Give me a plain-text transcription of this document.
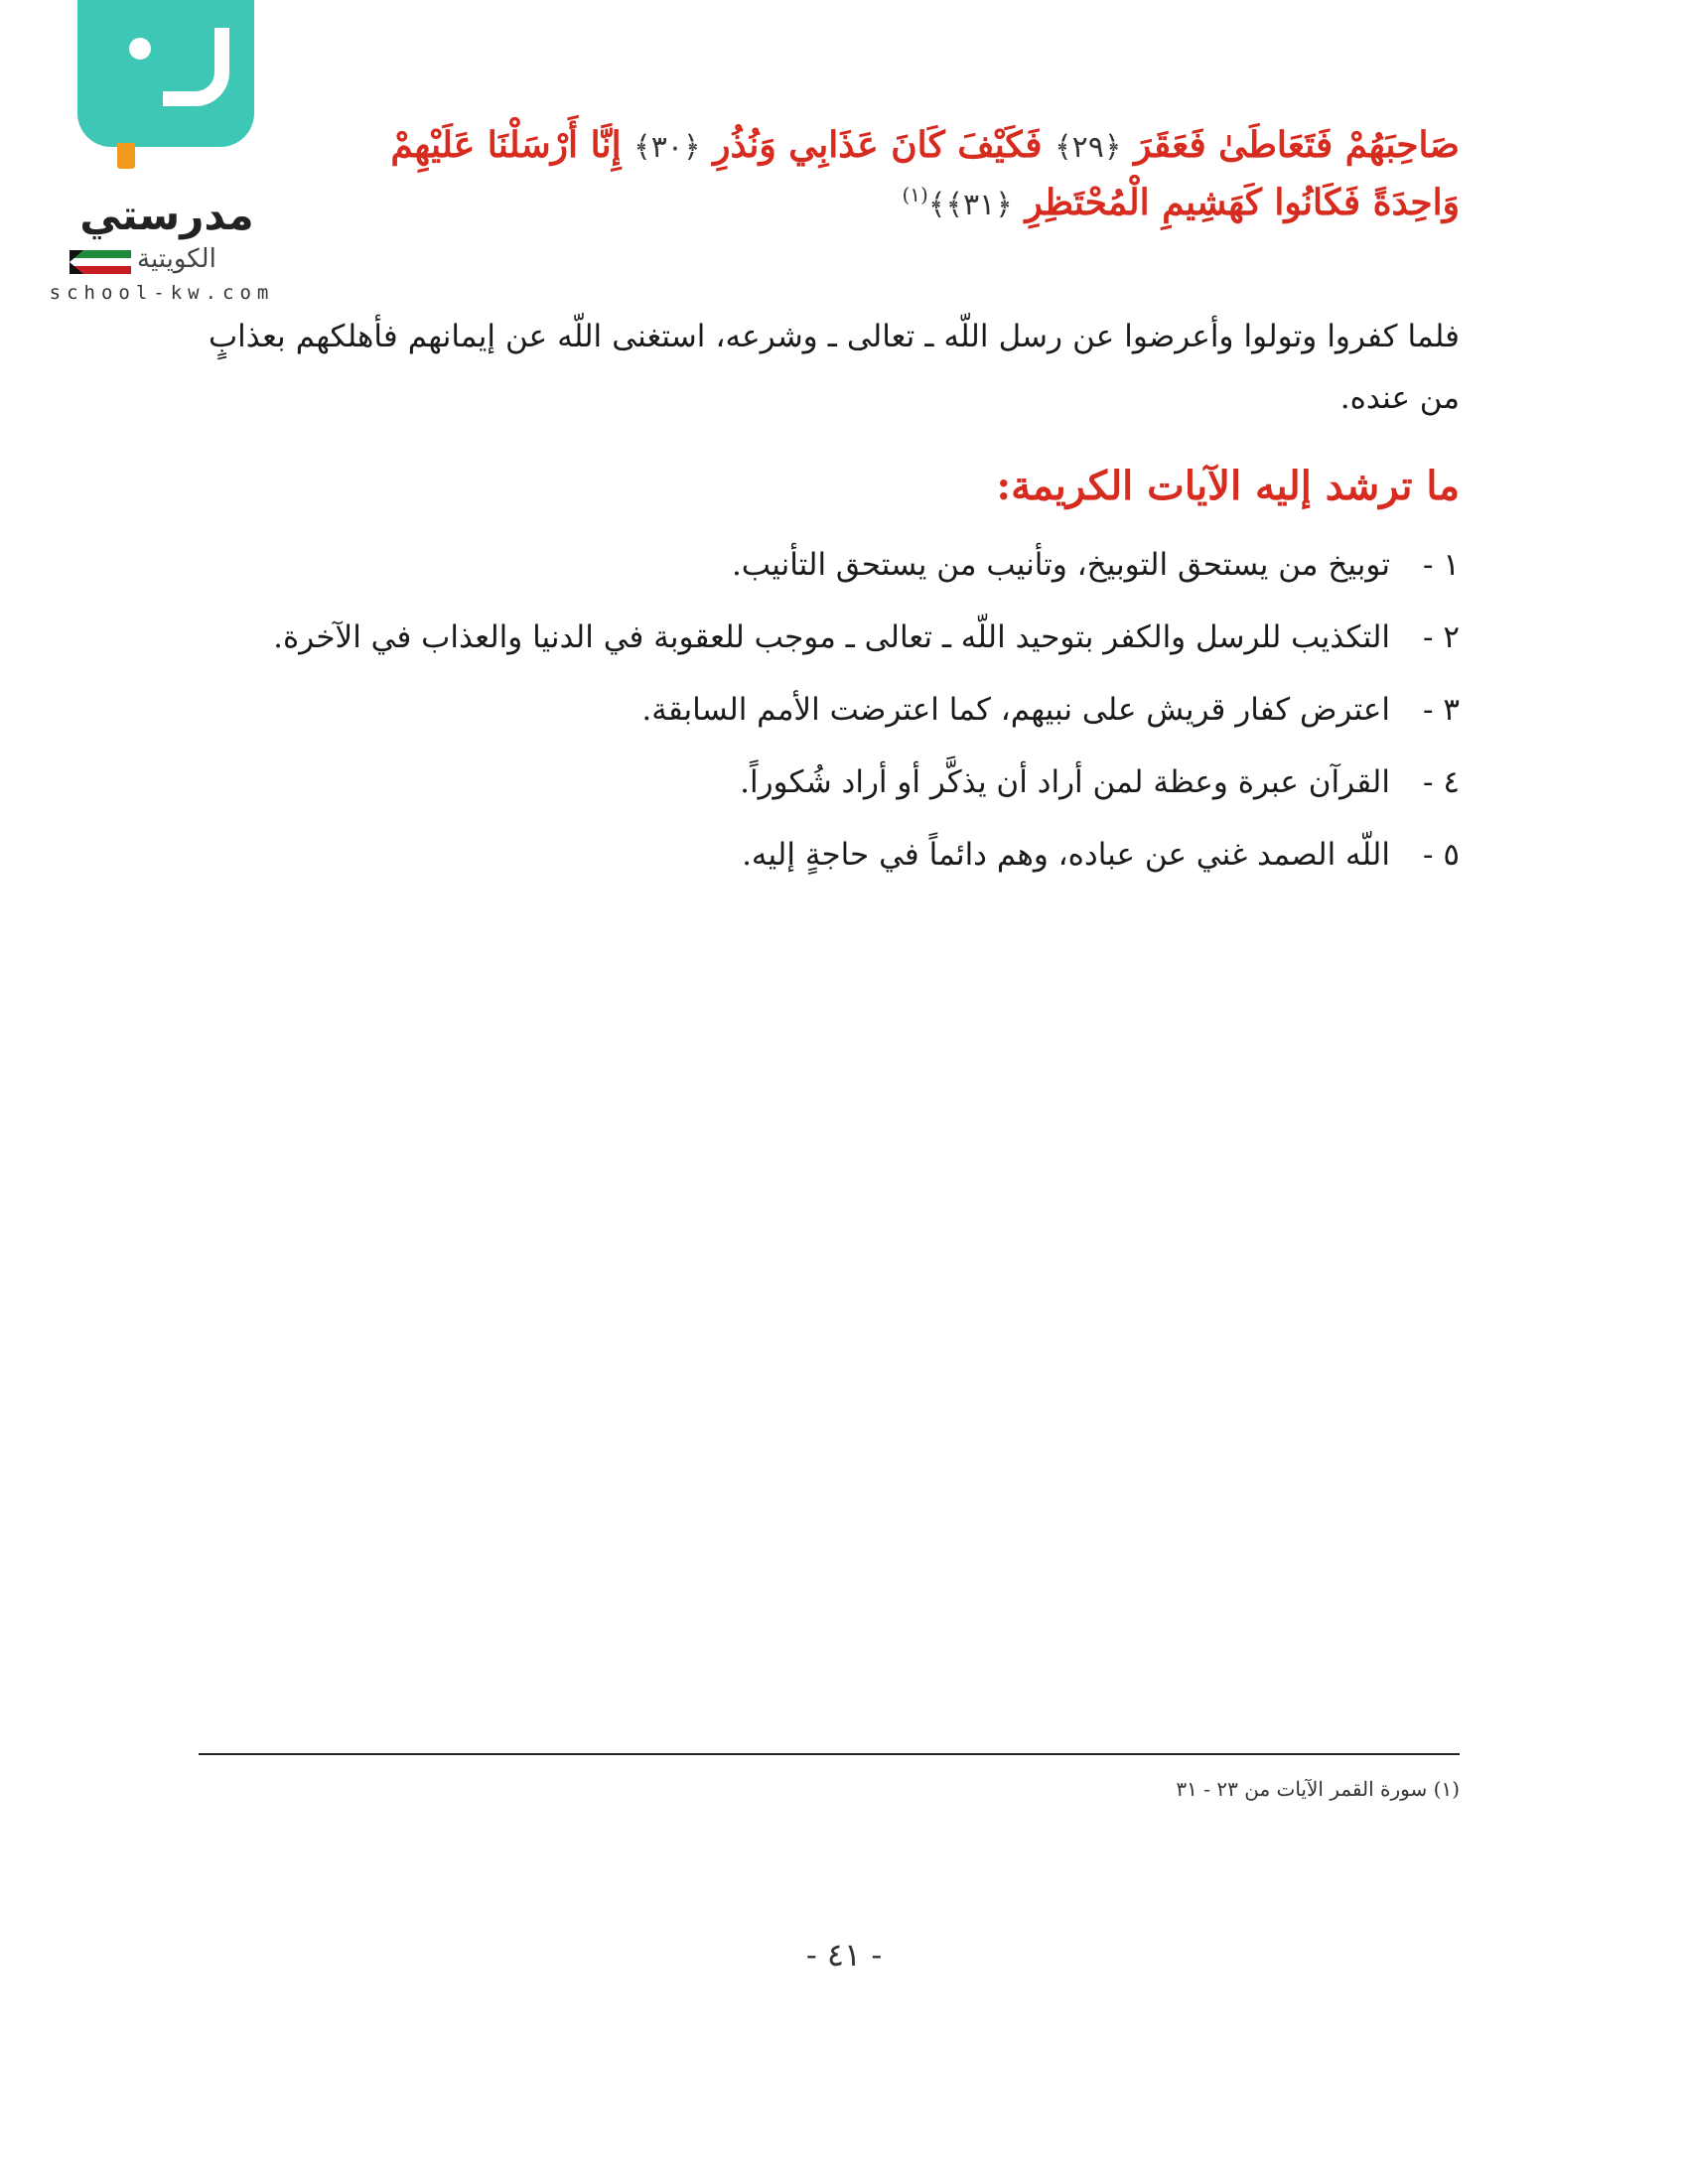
مدرستي
الكويتية
school-kw.com
صَاحِبَهُمْ فَتَعَاطَىٰ فَعَقَرَ ﴿٢٩﴾ فَكَيْفَ كَانَ عَذَابِي وَنُذُرِ ﴿٣٠﴾ إِنَّا أَرْسَلْنَا عَلَيْهِمْ
وَاحِدَةً فَكَانُوا كَهَشِيمِ الْمُحْتَظِرِ ﴿٣١﴾﴾$^{(١)}$
فلما كفروا وتولوا وأعرضوا عن رسل اللّه ـ تعالى ـ وشرعه، استغنى اللّه عن إيمانهم فأهلكهم بعذابٍ من عنده.
ما ترشد إليه الآيات الكريمة:
١ ‐
توبيخ من يستحق التوبيخ، وتأنيب من يستحق التأنيب.
٢ ‐
التكذيب للرسل والكفر بتوحيد اللّه ـ تعالى ـ موجب للعقوبة في الدنيا والعذاب في الآخرة.
٣ ‐
اعترض كفار قريش على نبيهم، كما اعترضت الأمم السابقة.
٤ ‐
القرآن عبرة وعظة لمن أراد أن يذكَّر أو أراد شُكوراً.
٥ ‐
اللّه الصمد غني عن عباده، وهم دائماً في حاجةٍ إليه.
(١) سورة القمر الآيات من ٢٣ - ٣١
- ٤١ -
